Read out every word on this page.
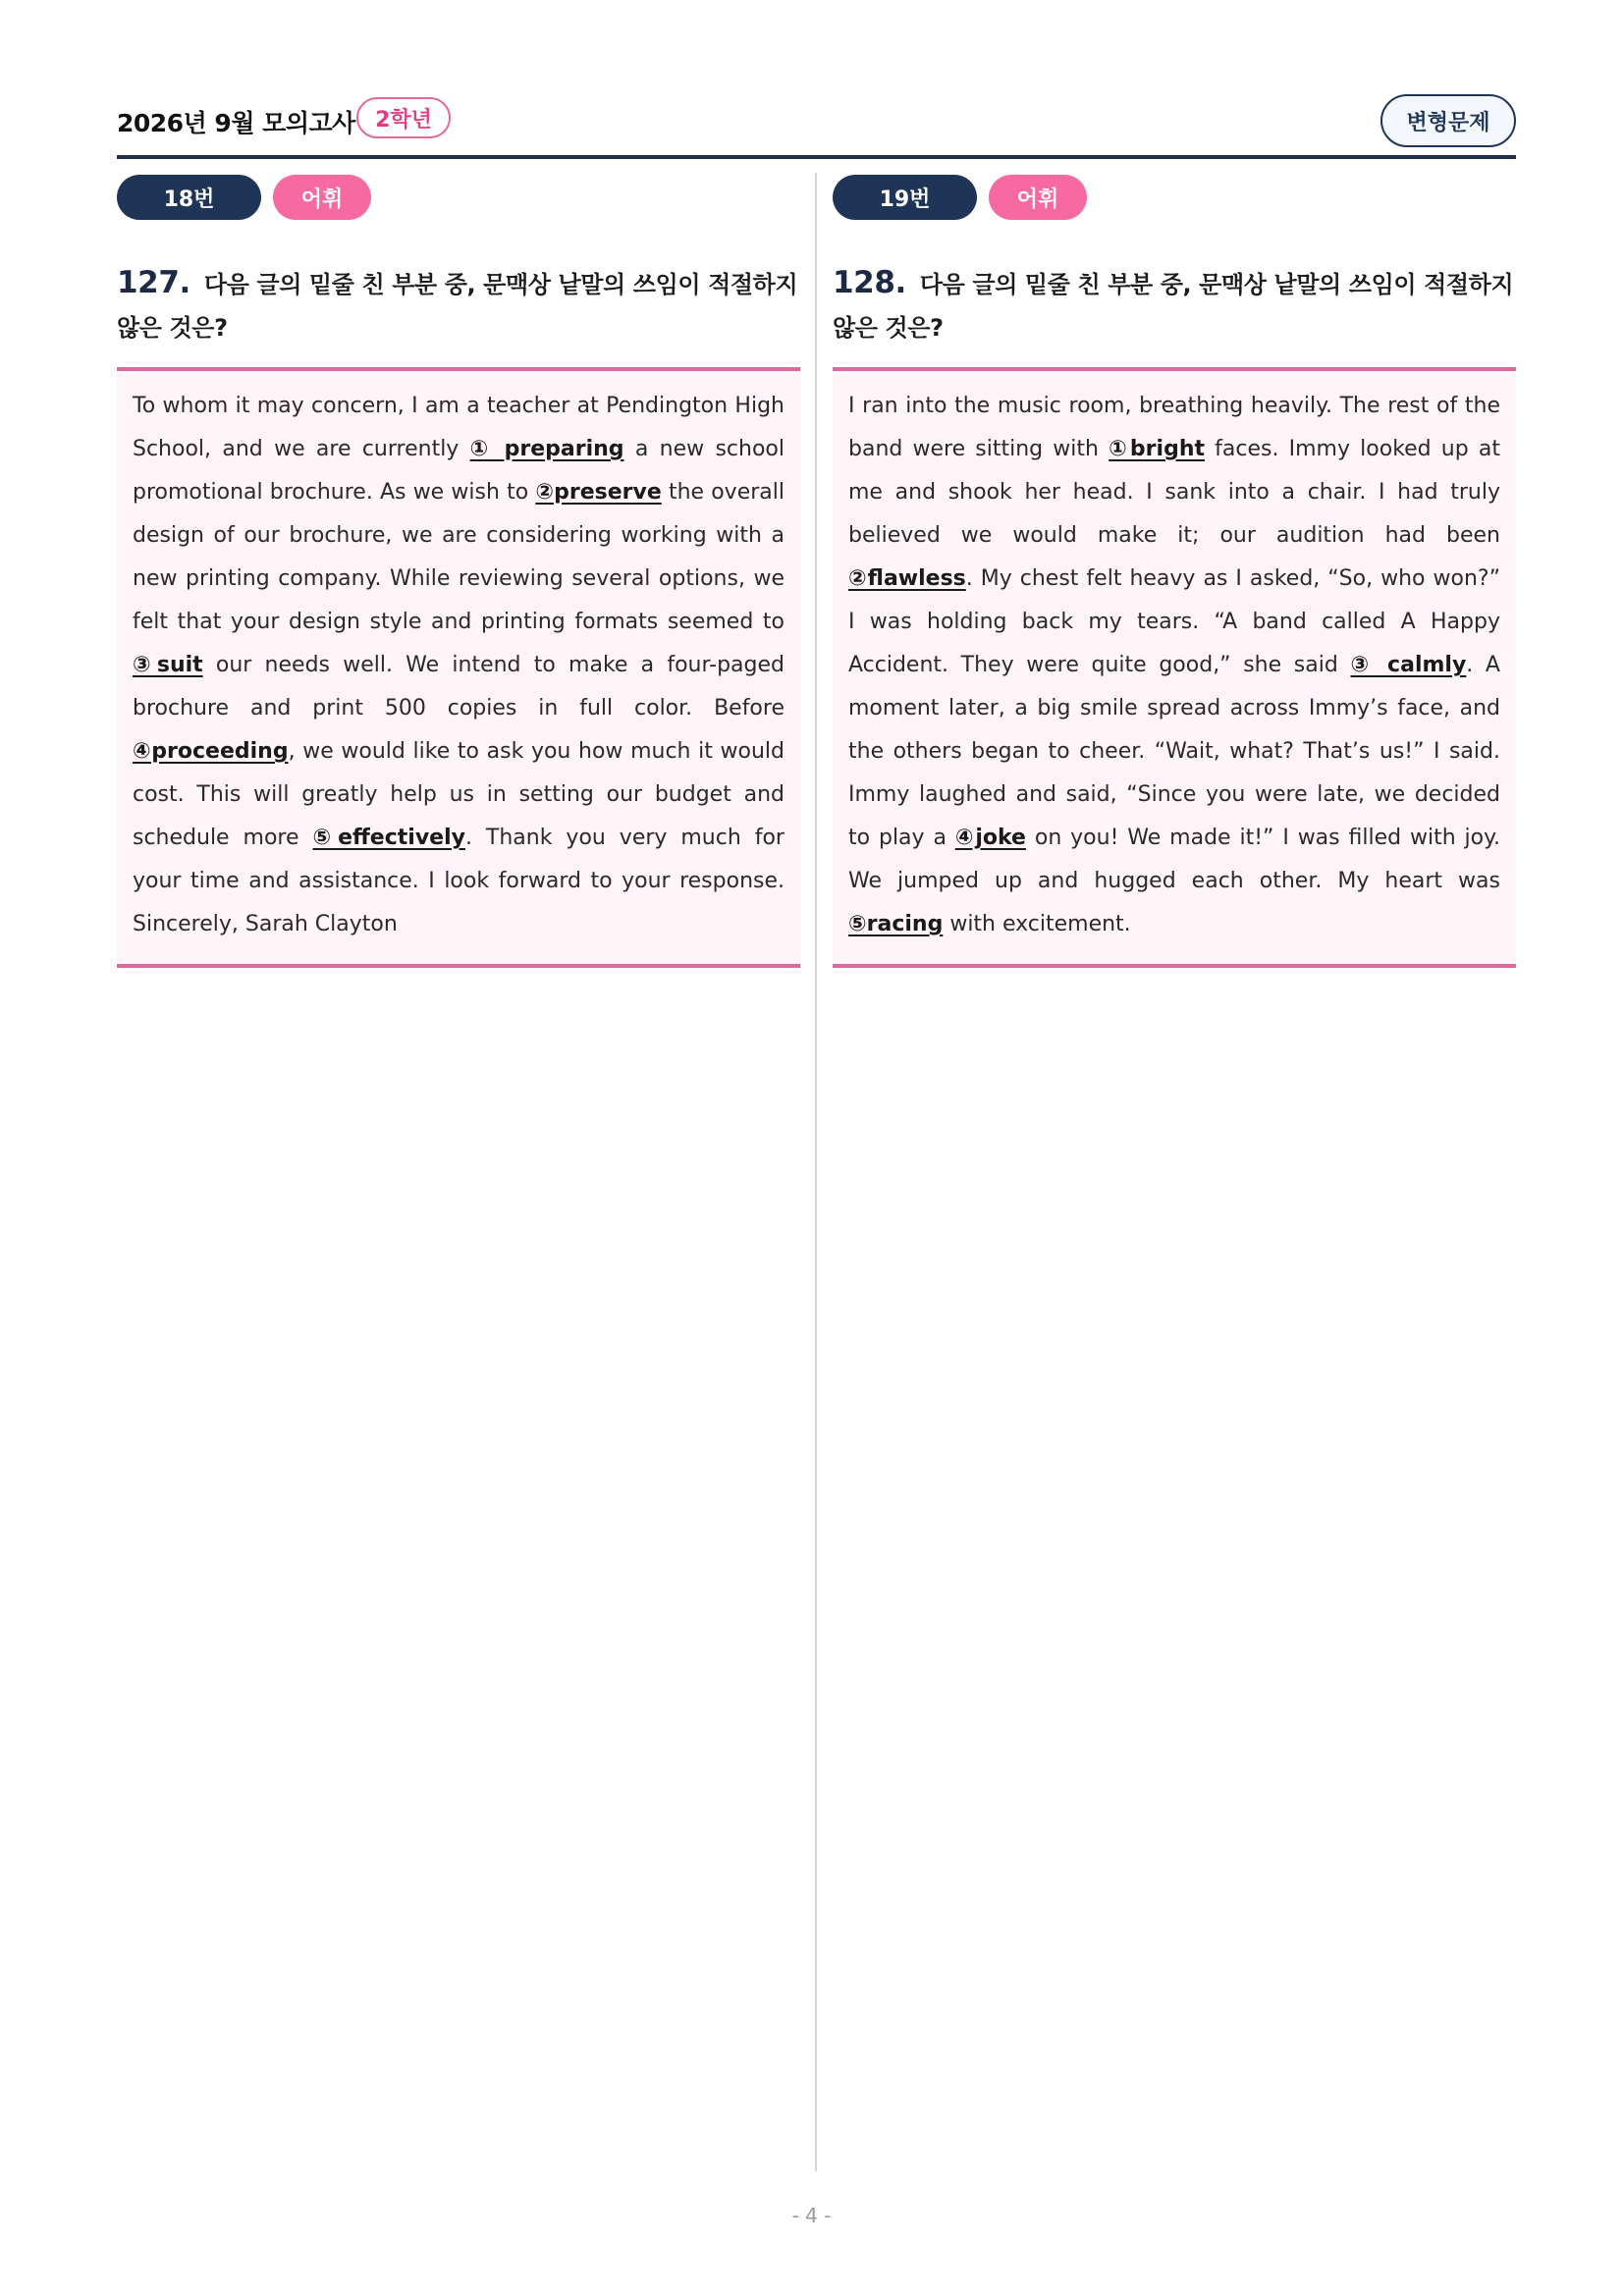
2026년 9월 모의고사 2학년	변형문제
18번	어휘
127. 다음 글의 밑줄 친 부분 중, 문맥상 낱말의 쓰임이 적절하지 않은 것은?
To whom it may concern, I am a teacher at Pendington High School, and we are currently ① preparing a new school promotional brochure. As we wish to ②preserve the overall design of our brochure, we are considering working with a new printing company. While reviewing several options, we felt that your design style and printing formats seemed to ③suit our needs well. We intend to make a four-paged brochure and print 500 copies in full color. Before ④proceeding, we would like to ask you how much it would cost. This will greatly help us in setting our budget and schedule more ⑤effectively. Thank you very much for your time and assistance. I look forward to your response. Sincerely, Sarah Clayton
19번	어휘
128. 다음 글의 밑줄 친 부분 중, 문맥상 낱말의 쓰임이 적절하지 않은 것은?
I ran into the music room, breathing heavily. The rest of the band were sitting with ①bright faces. Immy looked up at me and shook her head. I sank into a chair. I had truly believed we would make it; our audition had been ②flawless. My chest felt heavy as I asked, “So, who won?” I was holding back my tears. “A band called A Happy Accident. They were quite good,” she said ③ calmly. A moment later, a big smile spread across Immy’s face, and the others began to cheer. “Wait, what? That’s us!” I said. Immy laughed and said, “Since you were late, we decided to play a ④joke on you! We made it!” I was filled with joy. We jumped up and hugged each other. My heart was ⑤racing with excitement.
- 4 -
